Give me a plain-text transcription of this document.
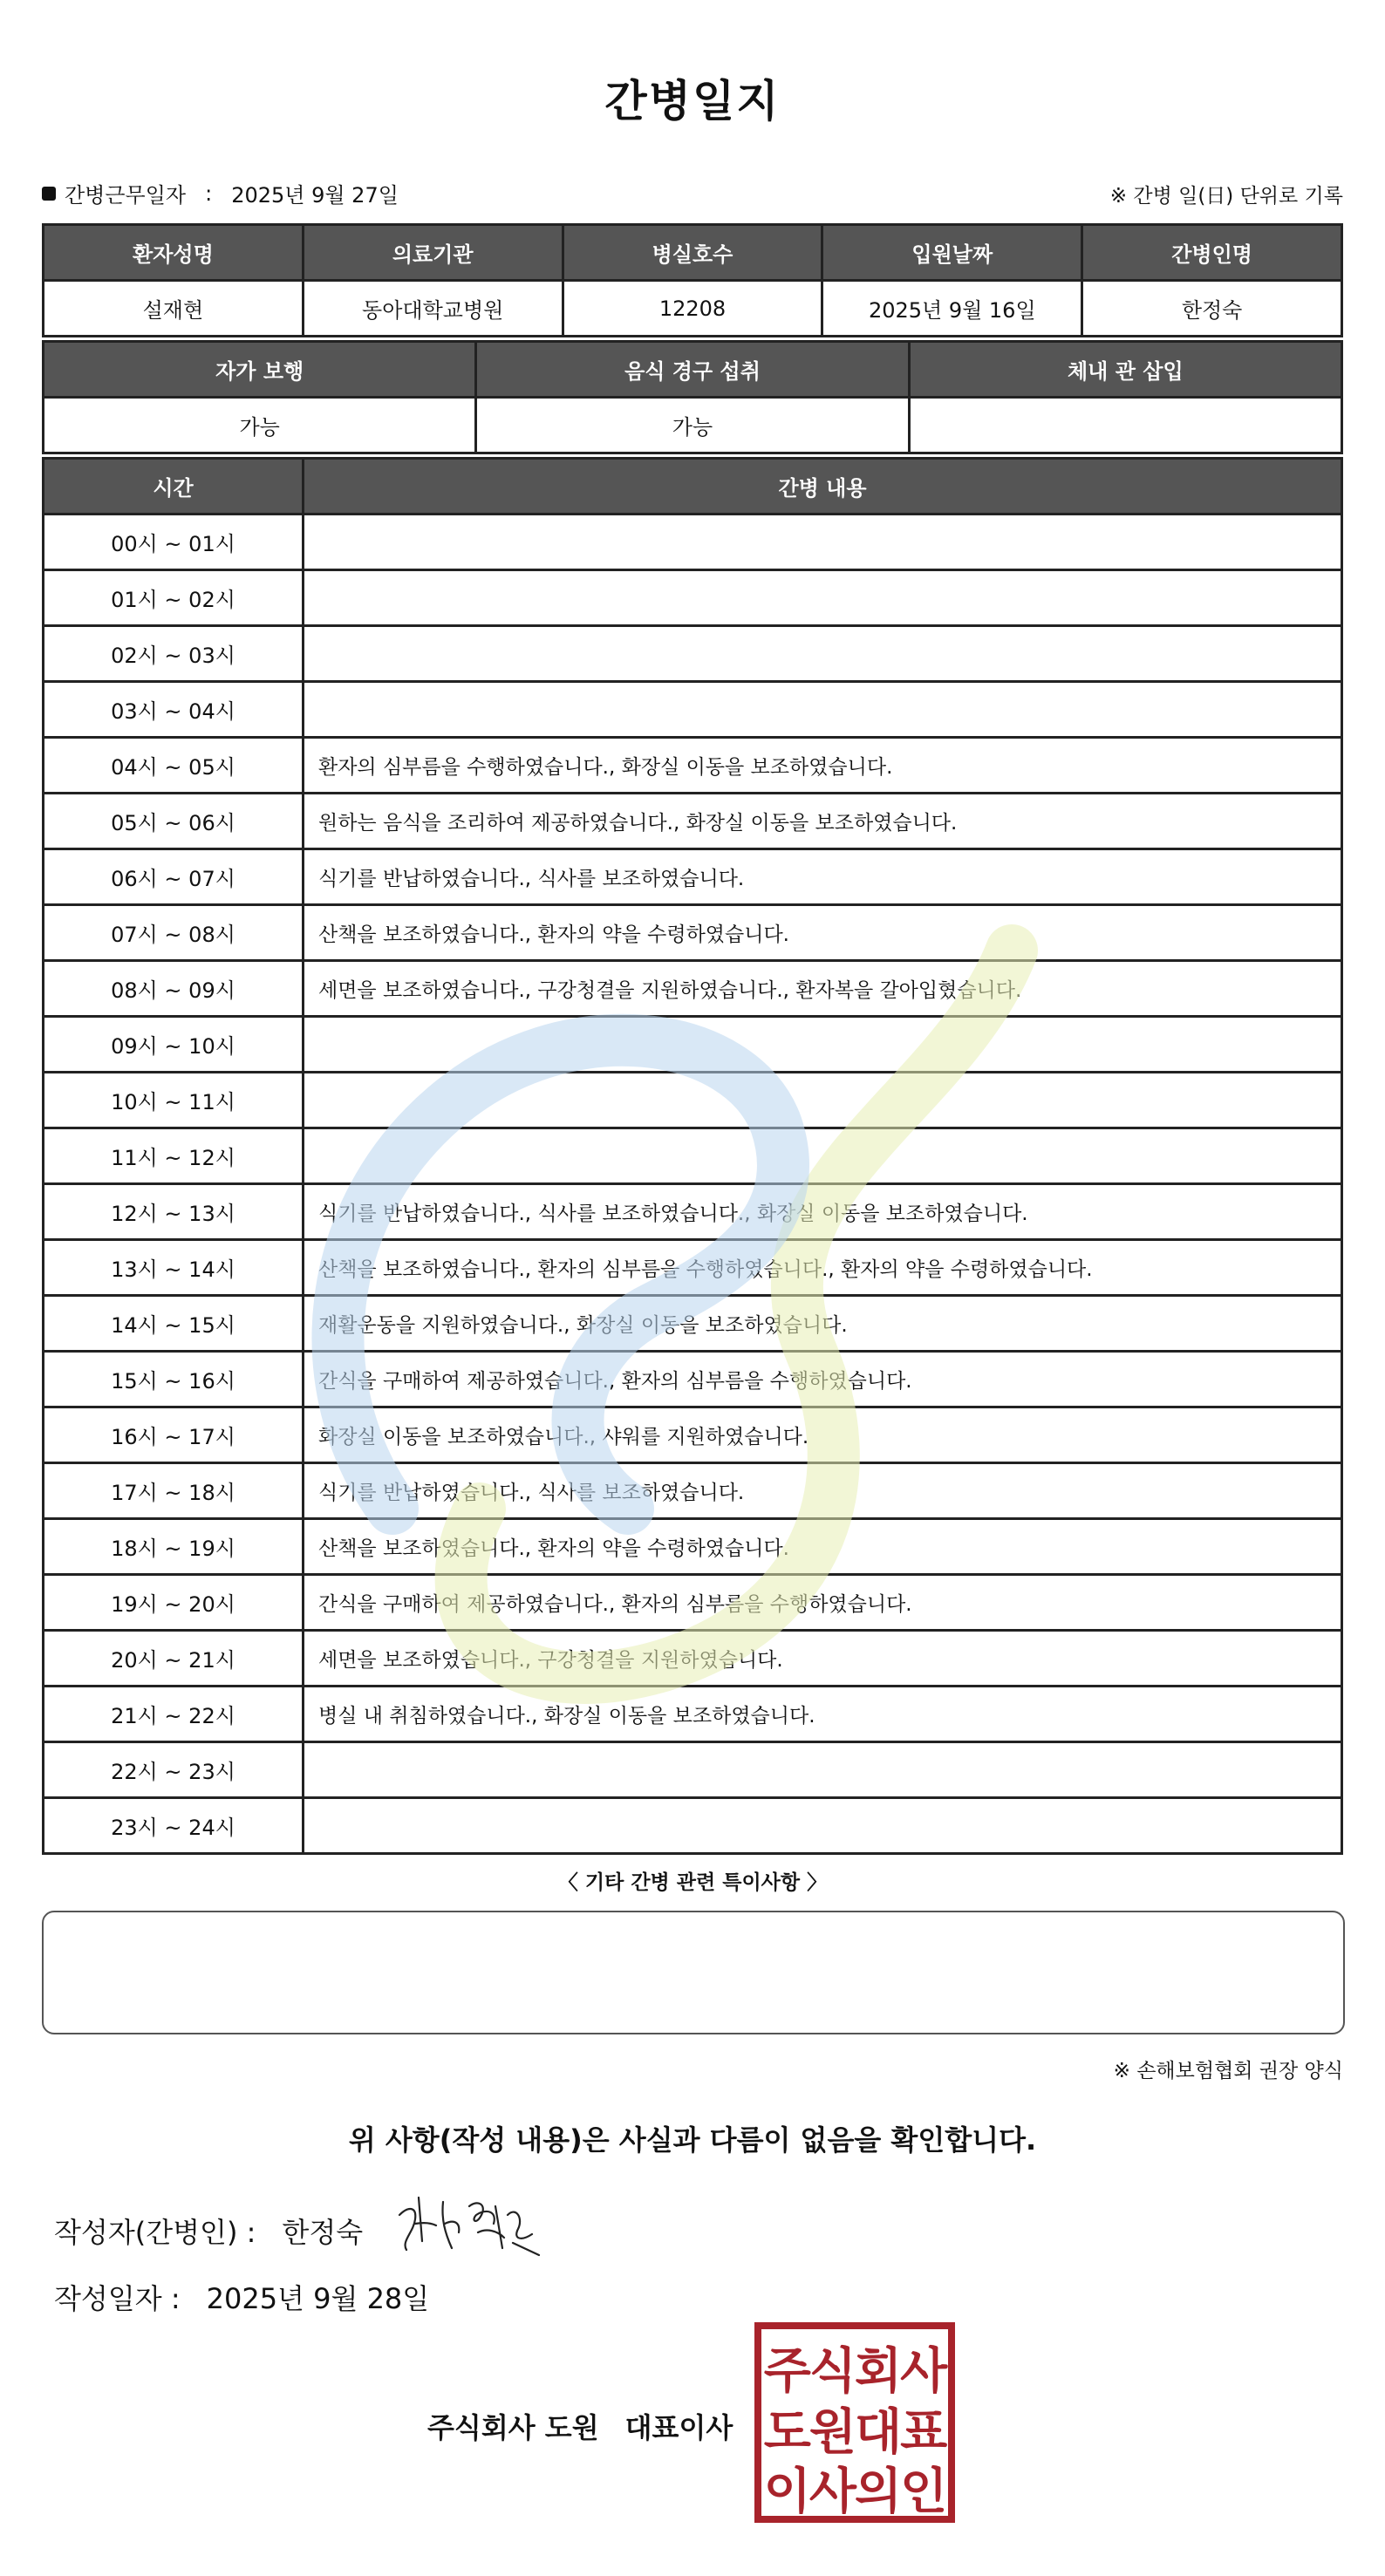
간병일지
간병근무일자 : 2025년 9월 27일	※ 간병 일(日) 단위로 기록
환자성명	의료기관	병실호수	입원날짜	간병인명
설재현	동아대학교병원	12208	2025년 9월 16일	한정숙
자가 보행	음식 경구 섭취	체내 관 삽입
가능	가능	
시간	간병 내용
00시 ~ 01시	
01시 ~ 02시	
02시 ~ 03시	
03시 ~ 04시	
04시 ~ 05시	환자의 심부름을 수행하였습니다., 화장실 이동을 보조하였습니다.
05시 ~ 06시	원하는 음식을 조리하여 제공하였습니다., 화장실 이동을 보조하였습니다.
06시 ~ 07시	식기를 반납하였습니다., 식사를 보조하였습니다.
07시 ~ 08시	산책을 보조하였습니다., 환자의 약을 수령하였습니다.
08시 ~ 09시	세면을 보조하였습니다., 구강청결을 지원하였습니다., 환자복을 갈아입혔습니다.
09시 ~ 10시	
10시 ~ 11시	
11시 ~ 12시	
12시 ~ 13시	식기를 반납하였습니다., 식사를 보조하였습니다., 화장실 이동을 보조하였습니다.
13시 ~ 14시	산책을 보조하였습니다., 환자의 심부름을 수행하였습니다., 환자의 약을 수령하였습니다.
14시 ~ 15시	재활운동을 지원하였습니다., 화장실 이동을 보조하였습니다.
15시 ~ 16시	간식을 구매하여 제공하였습니다., 환자의 심부름을 수행하였습니다.
16시 ~ 17시	화장실 이동을 보조하였습니다., 샤워를 지원하였습니다.
17시 ~ 18시	식기를 반납하였습니다., 식사를 보조하였습니다.
18시 ~ 19시	산책을 보조하였습니다., 환자의 약을 수령하였습니다.
19시 ~ 20시	간식을 구매하여 제공하였습니다., 환자의 심부름을 수행하였습니다.
20시 ~ 21시	세면을 보조하였습니다., 구강청결을 지원하였습니다.
21시 ~ 22시	병실 내 취침하였습니다., 화장실 이동을 보조하였습니다.
22시 ~ 23시	
23시 ~ 24시	
〈 기타 간병 관련 특이사항 〉
※ 손해보험협회 권장 양식
위 사항(작성 내용)은 사실과 다름이 없음을 확인합니다.
작성자(간병인) : 한정숙
작성일자 : 2025년 9월 28일
주식회사 도원 대표이사
주식회사
도원대표
이사의인
